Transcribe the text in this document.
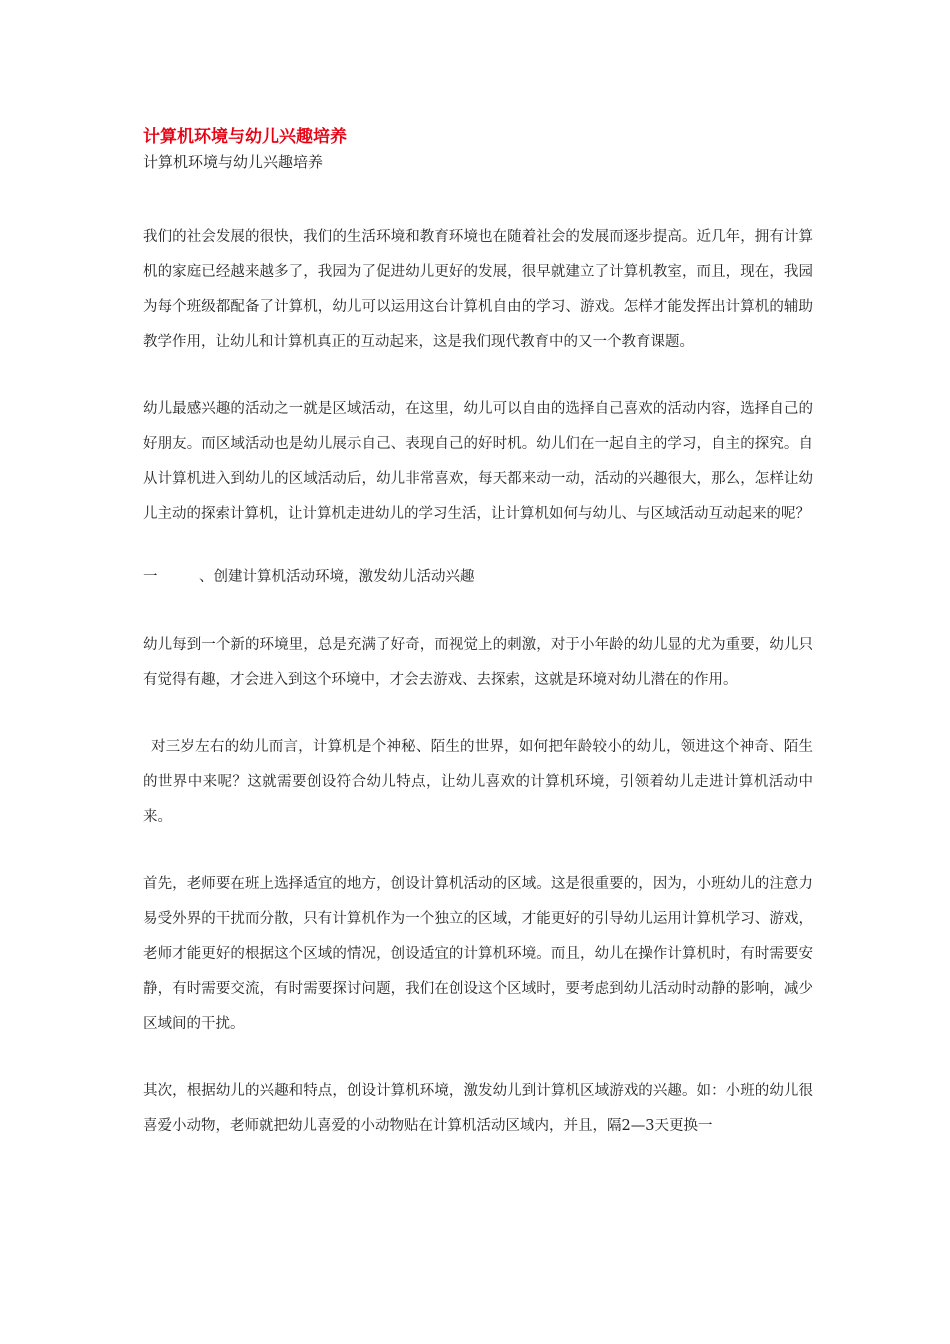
计算机环境与幼儿兴趣培养

计算机环境与幼儿兴趣培养

我们的社会发展的很快，我们的生活环境和教育环境也在随着社会的发展而逐步提高。近几年，拥有计算机的家庭已经越来越多了，我园为了促进幼儿更好的发展，很早就建立了计算机教室，而且，现在，我园为每个班级都配备了计算机，幼儿可以运用这台计算机自由的学习、游戏。怎样才能发挥出计算机的辅助教学作用，让幼儿和计算机真正的互动起来，这是我们现代教育中的又一个教育课题。

幼儿最感兴趣的活动之一就是区域活动，在这里，幼儿可以自由的选择自己喜欢的活动内容，选择自己的好朋友。而区域活动也是幼儿展示自己、表现自己的好时机。幼儿们在一起自主的学习，自主的探究。自从计算机进入到幼儿的区域活动后，幼儿非常喜欢，每天都来动一动，活动的兴趣很大，那么，怎样让幼儿主动的探索计算机，让计算机走进幼儿的学习生活，让计算机如何与幼儿、与区域活动互动起来的呢？

一	、创建计算机活动环境，激发幼儿活动兴趣

幼儿每到一个新的环境里，总是充满了好奇，而视觉上的刺激，对于小年龄的幼儿显的尤为重要，幼儿只有觉得有趣，才会进入到这个环境中，才会去游戏、去探索，这就是环境对幼儿潜在的作用。

对三岁左右的幼儿而言，计算机是个神秘、陌生的世界，如何把年龄较小的幼儿，领进这个神奇、陌生的世界中来呢？这就需要创设符合幼儿特点，让幼儿喜欢的计算机环境，引领着幼儿走进计算机活动中来。

首先，老师要在班上选择适宜的地方，创设计算机活动的区域。这是很重要的，因为，小班幼儿的注意力易受外界的干扰而分散，只有计算机作为一个独立的区域，才能更好的引导幼儿运用计算机学习、游戏，老师才能更好的根据这个区域的情况，创设适宜的计算机环境。而且，幼儿在操作计算机时，有时需要安静，有时需要交流，有时需要探讨问题，我们在创设这个区域时，要考虑到幼儿活动时动静的影响，减少区域间的干扰。

其次，根据幼儿的兴趣和特点，创设计算机环境，激发幼儿到计算机区域游戏的兴趣。如：小班的幼儿很喜爱小动物，老师就把幼儿喜爱的小动物贴在计算机活动区域内，并且，隔2—3天更换一
